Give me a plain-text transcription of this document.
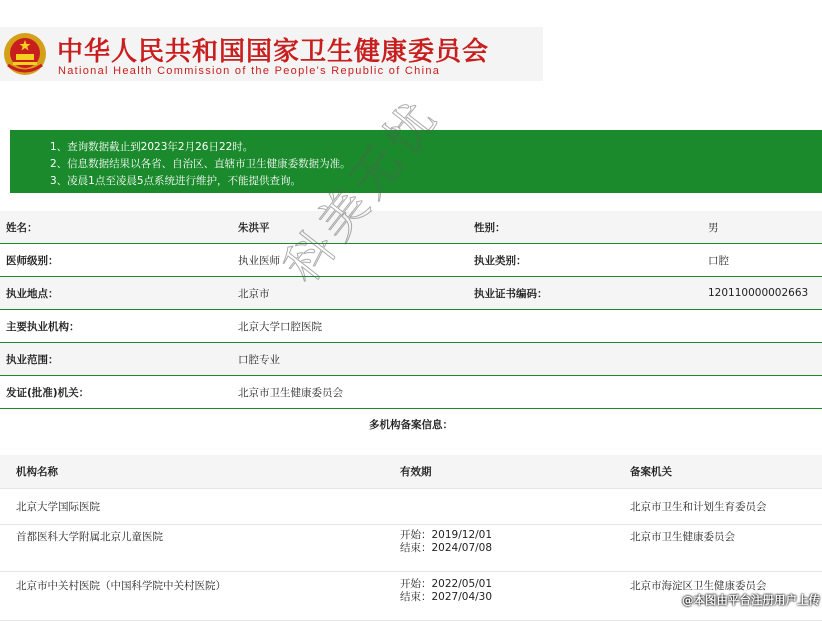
中华人民共和国国家卫生健康委员会
National Health Commission of the People's Republic of China
1、查询数据截止到2023年2月26日22时。
2、信息数据结果以各省、自治区、直辖市卫生健康委数据为准。
3、凌晨1点至凌晨5点系统进行维护，不能提供查询。
姓名：	朱洪平	性别：	男
医师级别：	执业医师	执业类别：	口腔
执业地点：	北京市	执业证书编码：	120110000002663
主要执业机构：	北京大学口腔医院		
执业范围：	口腔专业		
发证(批准)机关：	北京市卫生健康委员会		
多机构备案信息：
机构名称	有效期	备案机关
北京大学国际医院		北京市卫生和计划生育委员会
首都医科大学附属北京儿童医院	开始：2019/12/01
结束：2024/07/08	北京市卫生健康委员会
北京市中关村医院（中国科学院中关村医院）	开始：2022/05/01
结束：2027/04/30	北京市海淀区卫生健康委员会
@本图由平台注册用户上传
